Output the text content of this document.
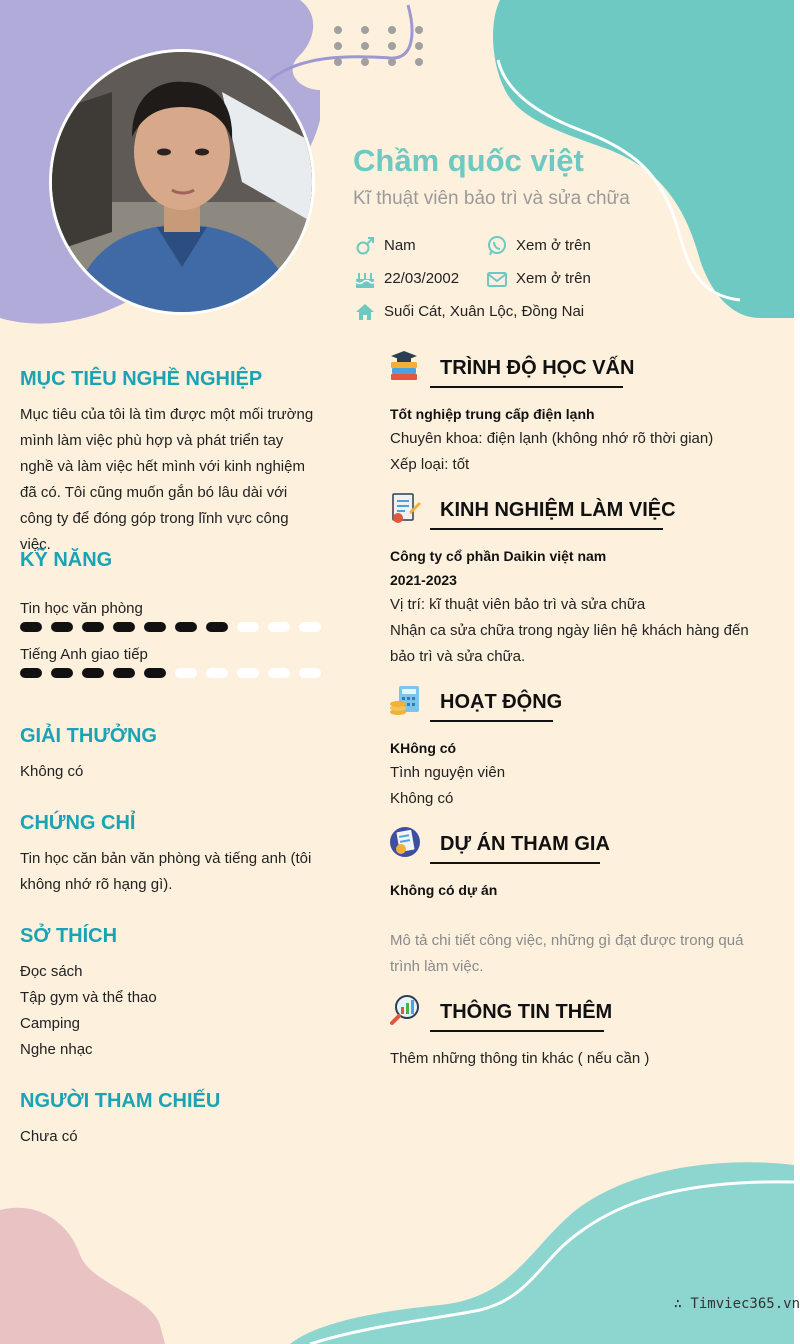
Chầm quốc việt
Kĩ thuật viên bảo trì và sửa chữa
Nam	Xem ở trên
22/03/2002	Xem ở trên
Suối Cát, Xuân Lộc, Đồng Nai
MỤC TIÊU NGHỀ NGHIỆP
Mục tiêu của tôi là tìm được một mối trường mình làm việc phù hợp và phát triển tay nghề và làm việc hết mình với kinh nghiệm đã có. Tôi cũng muốn gắn bó lâu dài với công ty để đóng góp trong lĩnh vực công việc.
KỸ NĂNG
Tin học văn phòng
Tiếng Anh giao tiếp
GIẢI THƯỞNG
Không có
CHỨNG CHỈ
Tin học căn bản văn phòng và tiếng anh (tôi không nhớ rõ hạng gì).
SỞ THÍCH
Đọc sách
Tập gym và thể thao
Camping
Nghe nhạc
NGƯỜI THAM CHIẾU
Chưa có
TRÌNH ĐỘ HỌC VẤN
Tốt nghiệp trung cấp điện lạnh
Chuyên khoa: điện lạnh (không nhớ rõ thời gian)
Xếp loại: tốt
KINH NGHIỆM LÀM VIỆC
Công ty cổ phần Daikin việt nam
2021-2023
Vị trí: kĩ thuật viên bảo trì và sửa chữa
Nhận ca sửa chữa trong ngày liên hệ khách hàng đến bảo trì và sửa chữa.
HOẠT ĐỘNG
KHông có
Tình nguyện viên
Không có
DỰ ÁN THAM GIA
Không có dự án
Mô tả chi tiết công việc, những gì đạt được trong quá trình làm việc.
THÔNG TIN THÊM
Thêm những thông tin khác ( nếu cần )
∴ Timviec365.vn
